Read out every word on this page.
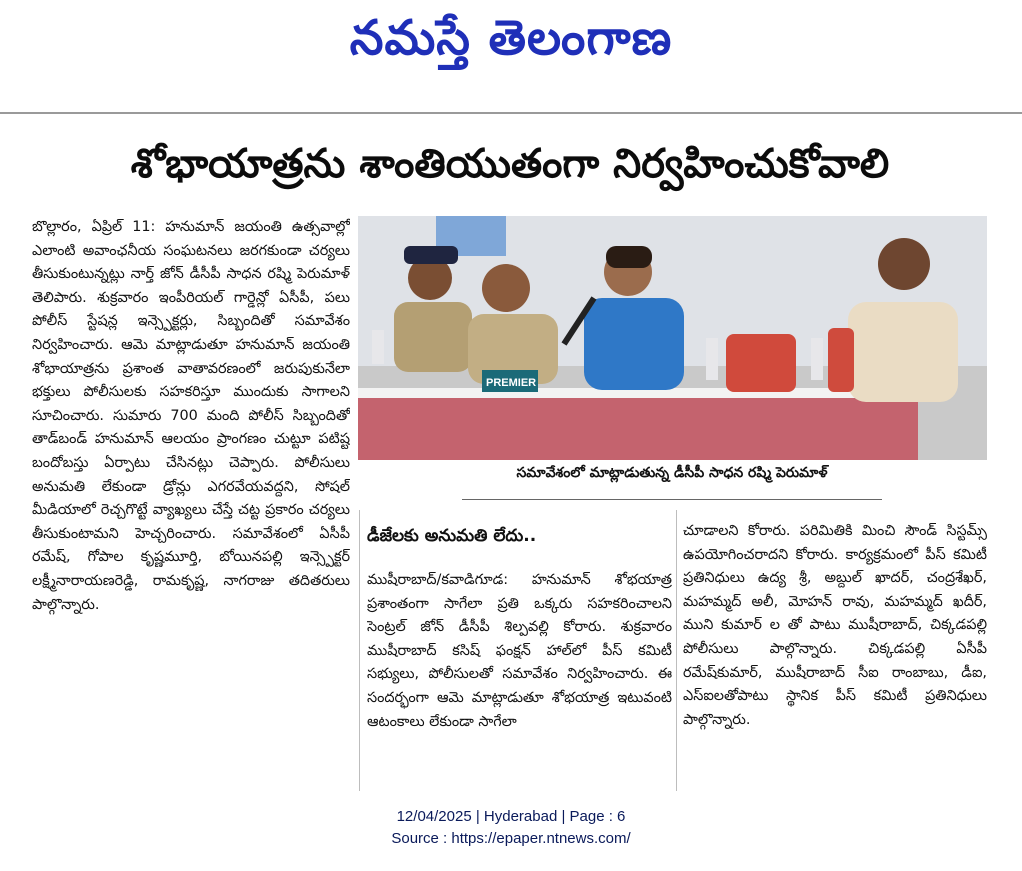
నమస్తే తెలంగాణ
శోభాయాత్రను శాంతియుతంగా నిర్వహించుకోవాలి

బొల్లారం, ఏప్రిల్ 11: హనుమాన్ జయంతి ఉత్సవాల్లో ఎలాంటి అవాంఛనీయ సంఘటనలు జరగకుండా చర్యలు తీసుకుంటున్నట్లు నార్త్ జోన్ డీసీపీ సాధన రష్మి పెరుమాళ్ తెలిపారు. శుక్రవారం ఇంపీరియల్ గార్డెన్లో ఏసీపీ, పలు పోలీస్ స్టేషన్ల ఇన్స్పెక్టర్లు, సిబ్బందితో సమావేశం నిర్వహించారు. ఆమె మాట్లాడుతూ హనుమాన్ జయంతి శోభాయాత్రను ప్రశాంత వాతావరణంలో జరుపుకునేలా భక్తులు పోలీసులకు సహకరిస్తూ ముందుకు సాగాలని సూచించారు. సుమారు 700 మంది పోలీస్ సిబ్బందితో తాడ్‌బండ్ హనుమాన్ ఆలయం ప్రాంగణం చుట్టూ పటిష్ట బందోబస్తు ఏర్పాటు చేసినట్లు చెప్పారు. పోలీసులు అనుమతి లేకుండా డ్రోన్లు ఎగరవేయవద్దని, సోషల్ మీడియాలో రెచ్చగొట్టే వ్యాఖ్యలు చేస్తే చట్ట ప్రకారం చర్యలు తీసుకుంటామని హెచ్చరించారు. సమావేశంలో ఏసీపీ రమేష్, గోపాల కృష్ణమూర్తి, బోయినపల్లి ఇన్స్పెక్టర్ లక్ష్మీనారాయణరెడ్డి, రామకృష్ణ, నాగరాజు తదితరులు పాల్గొన్నారు.

PREMIER
సమావేశంలో మాట్లాడుతున్న డీసీపీ సాధన రష్మి పెరుమాళ్
డీజేలకు అనుమతి లేదు..

ముషీరాబాద్/కవాడిగూడ: హనుమాన్ శోభయాత్ర ప్రశాంతంగా సాగేలా ప్రతి ఒక్కరు సహకరించాలని సెంట్రల్ జోన్ డీసీపీ శిల్పవల్లి కోరారు. శుక్రవారం ముషీరాబాద్ కసిష్ ఫంక్షన్ హాల్‌లో పీస్ కమిటీ సభ్యులు, పోలీసులతో సమావేశం నిర్వహించారు. ఈ సందర్భంగా ఆమె మాట్లాడుతూ శోభయాత్ర ఇటువంటి ఆటంకాలు లేకుండా సాగేలా

చూడాలని కోరారు. పరిమితికి మించి సౌండ్ సిస్టమ్స్ ఉపయోగించరాదని కోరారు. కార్యక్రమంలో పీస్ కమిటీ ప్రతినిధులు ఉద్య శ్రీ, అబ్దుల్ ఖాదర్, చంద్రశేఖర్, మహమ్మద్ అలీ, మోహన్ రావు, మహమ్మద్ ఖదీర్, ముని కుమార్ ల తో పాటు ముషీరాబాద్, చిక్కడపల్లి పోలీసులు పాల్గొన్నారు. చిక్కడపల్లి ఏసీపీ రమేష్‌కుమార్, ముషీరాబాద్ సీఐ రాంబాబు, డీఐ, ఎస్ఐలతోపాటు స్థానిక పీస్ కమిటీ ప్రతినిధులు పాల్గొన్నారు.

12/04/2025 | Hyderabad | Page : 6
Source : https://epaper.ntnews.com/
